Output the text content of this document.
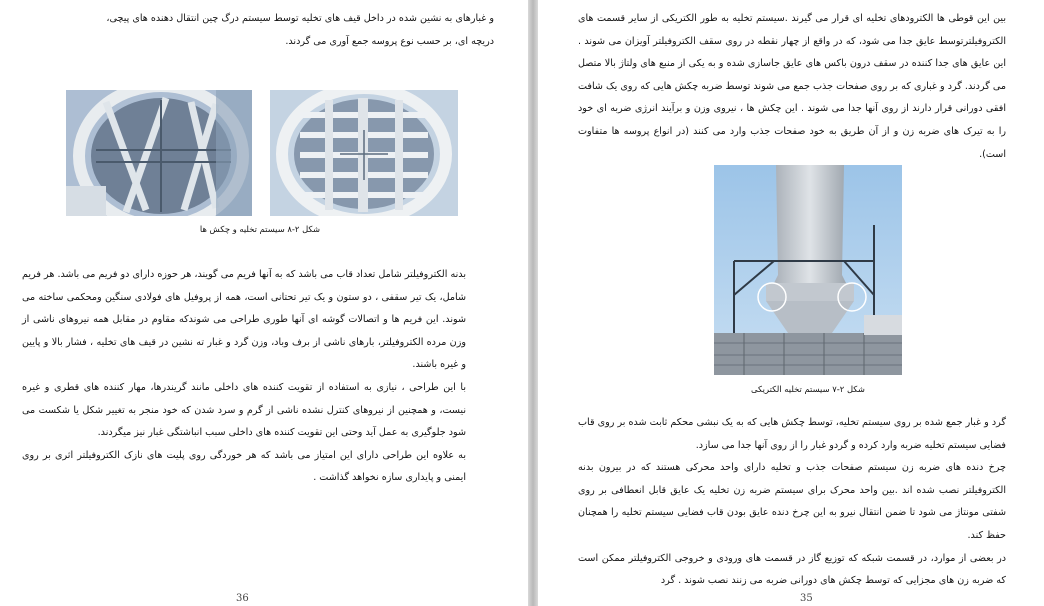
و غبارهای به نشین شده در داخل قیف های تخلیه توسط سیستم درگ چین انتقال دهنده های پیچی،

دریچه ای، بر حسب نوع پروسه جمع آوری می گردند.

شکل ۲-۸ سیستم تخلیه و چکش ها

بدنه الکتروفیلتر شامل تعداد قاب می باشد که به آنها فریم می گویند، هر حوزه دارای دو فریم می باشد. هر فریم شامل، یک تیر سقفی ، دو ستون و یک تیر تحتانی است، همه از پروفیل های فولادی سنگین ومحکمی ساخته می شوند. این فریم ها و اتصالات گوشه ای آنها طوری طراحی می شوندکه مقاوم در مقابل همه نیروهای ناشی از وزن مرده الکتروفیلتر، بارهای ناشی از برف وباد، وزن گرد و غبار ته نشین در قیف های تخلیه ، فشار بالا و پایین و غیره باشند.

با این طراحی ، نیازی به استفاده از تقویت کننده های داخلی مانند گریندرها، مهار کننده های قطری و غیره نیست، و همچنین از نیروهای کنترل نشده ناشی از گرم و سرد شدن که خود منجر به تغییر شکل یا شکست می شود جلوگیری به عمل آید وحتی این تقویت کننده های داخلی سبب انباشتگی غبار نیز میگردند.

به علاوه این طراحی دارای این امتیاز می باشد که هر خوردگی روی پلیت های نازک الکتروفیلتر اثری بر روی ایمنی و پایداری سازه نخواهد گذاشت .

36

بین این قوطی ها الکترودهای تخلیه ای قرار می گیرند .سیستم تخلیه به طور الکتریکی از سایر قسمت های الکتروفیلترتوسط عایق جدا می شود، که در واقع از چهار نقطه در روی سقف الکتروفیلتر آویزان می شوند . این عایق های جدا کننده در سقف درون باکس های عایق جاسازی شده و به یکی از منبع های ولتاژ بالا متصل می گردند. گرد و غباری که بر روی صفحات جذب جمع می شوند توسط ضربه چکش هایی که روی یک شافت افقی دورانی قرار دارند از روی آنها جدا می شوند . این چکش ها ، نیروی وزن و برآیند انرژی ضربه ای خود را به تیرک های ضربه زن و از آن طریق به خود صفحات جذب وارد می کنند (در انواع پروسه ها متفاوت است).

شکل ۲-۷ سیستم تخلیه الکتریکی

گرد و غبار جمع شده بر روی سیستم تخلیه، توسط چکش هایی که به یک نبشی محکم ثابت شده بر روی قاب فضایی سیستم تخلیه ضربه وارد کرده و گردو غبار را از روی آنها جدا می سازد.

چرخ دنده های ضربه زن سیستم صفحات جذب و تخلیه دارای واحد محرکی هستند که در بیرون بدنه الکتروفیلتر نصب شده اند .بین واحد محرک برای سیستم ضربه زن تخلیه یک عایق قابل انعطافی بر روی شفتی مونتاژ می شود تا ضمن انتقال نیرو به این چرخ دنده عایق بودن قاب فضایی سیستم تخلیه را همچنان حفظ کند.

در بعضی از موارد، در قسمت شبکه که توزیع گاز در قسمت های ورودی و خروجی الکتروفیلتر ممکن است که ضربه زن های مجزایی که توسط چکش های دورانی ضربه می زنند نصب شوند . گرد

35
